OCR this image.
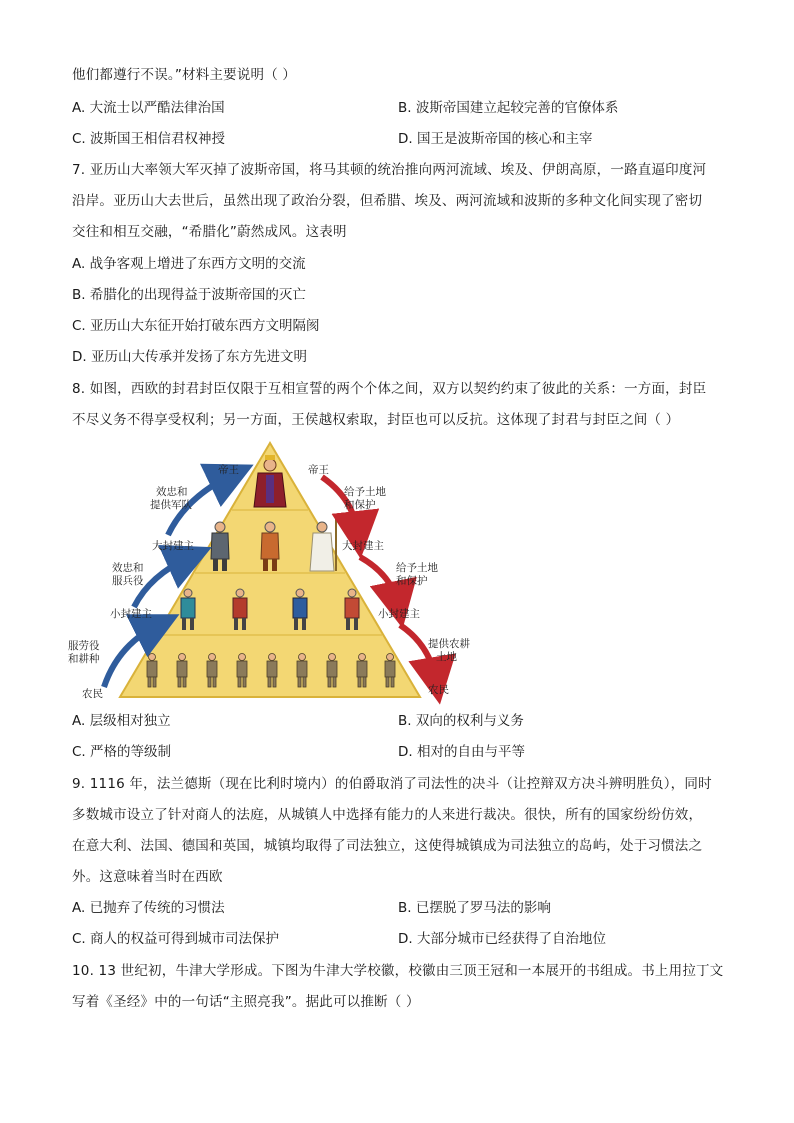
他们都遵行不误。”材料主要说明（ ）
A. 大流士以严酷法律治国	B. 波斯帝国建立起较完善的官僚体系
C. 波斯国王相信君权神授	D. 国王是波斯帝国的核心和主宰
7. 亚历山大率领大军灭掉了波斯帝国，将马其顿的统治推向两河流域、埃及、伊朗高原，一路直逼印度河
沿岸。亚历山大去世后，虽然出现了政治分裂，但希腊、埃及、两河流域和波斯的多种文化间实现了密切
交往和相互交融，“希腊化”蔚然成风。这表明
A. 战争客观上增进了东西方文明的交流
B. 希腊化的出现得益于波斯帝国的灭亡
C. 亚历山大东征开始打破东西方文明隔阂
D. 亚历山大传承并发扬了东方先进文明
8. 如图，西欧的封君封臣仅限于互相宣誓的两个个体之间，双方以契约约束了彼此的关系：一方面，封臣
不尽义务不得享受权利；另一方面，王侯越权索取，封臣也可以反抗。这体现了封君与封臣之间（ ）
帝王
大封建主
小封建主
农民
效忠和
提供军队
效忠和
服兵役
服劳役
和耕种
帝王
大封建主
小封建主
农民
给予土地
和保护
给予土地
和保护
提供农耕
土地
A. 层级相对独立	B. 双向的权利与义务
C. 严格的等级制	D. 相对的自由与平等
9. 1116 年，法兰德斯（现在比利时境内）的伯爵取消了司法性的决斗（让控辩双方决斗辨明胜负），同时
多数城市设立了针对商人的法庭，从城镇人中选择有能力的人来进行裁决。很快，所有的国家纷纷仿效，
在意大利、法国、德国和英国，城镇均取得了司法独立，这使得城镇成为司法独立的岛屿，处于习惯法之
外。这意味着当时在西欧
A. 已抛弃了传统的习惯法	B. 已摆脱了罗马法的影响
C. 商人的权益可得到城市司法保护	D. 大部分城市已经获得了自治地位
10. 13 世纪初，牛津大学形成。下图为牛津大学校徽，校徽由三顶王冠和一本展开的书组成。书上用拉丁文
写着《圣经》中的一句话“主照亮我”。据此可以推断（ ）
